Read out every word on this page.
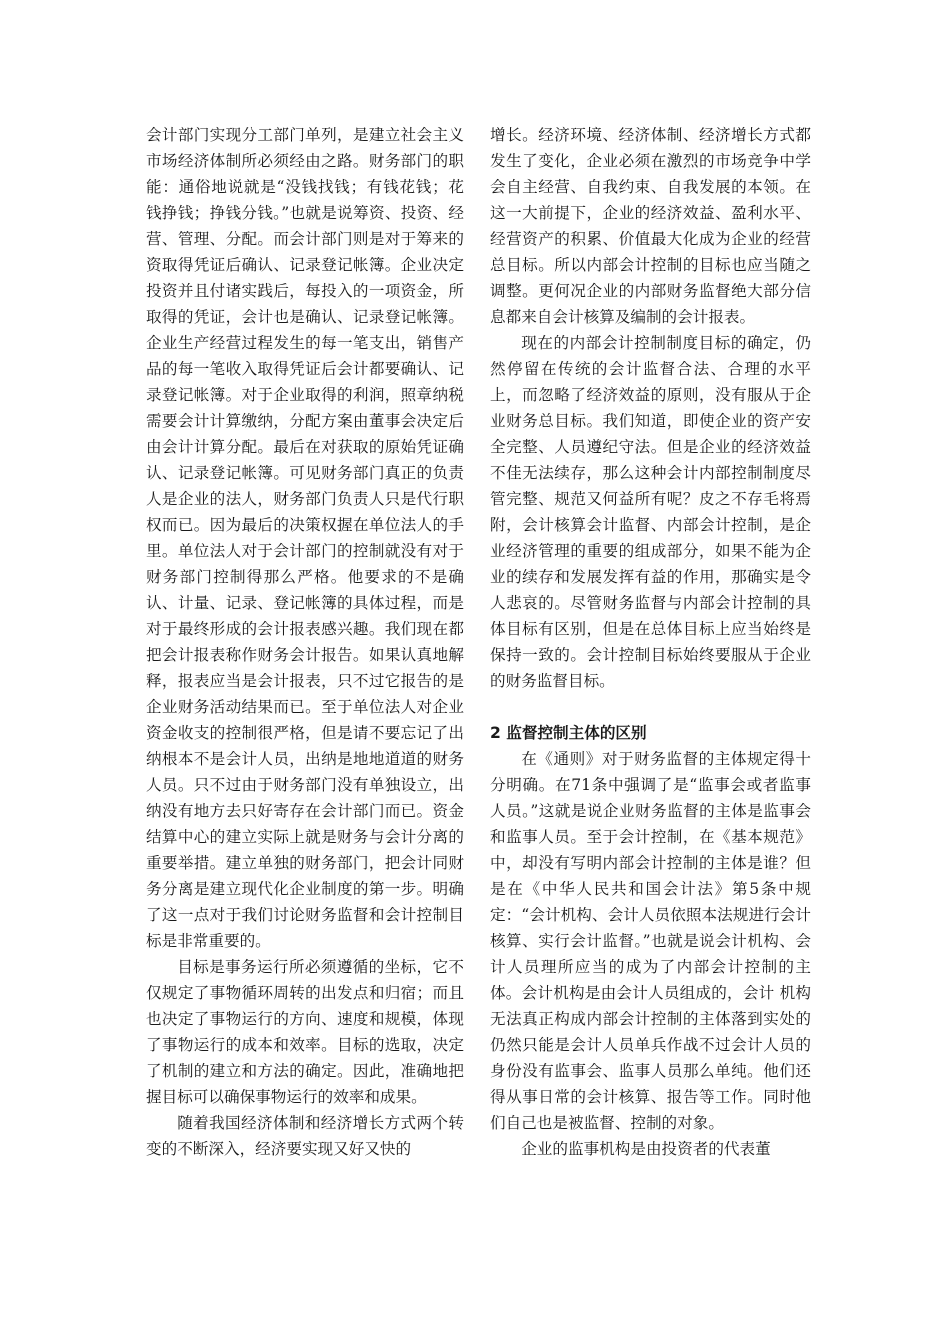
会计部门实现分工部门单列，是建立社会主义市场经济体制所必须经由之路。财务部门的职能：通俗地说就是“没钱找钱；有钱花钱；花钱挣钱；挣钱分钱。”也就是说筹资、投资、经营、管理、分配。而会计部门则是对于筹来的资取得凭证后确认、记录登记帐簿。企业决定投资并且付诸实践后，每投入的一项资金，所取得的凭证，会计也是确认、记录登记帐簿。企业生产经营过程发生的每一笔支出，销售产品的每一笔收入取得凭证后会计都要确认、记录登记帐簿。对于企业取得的利润，照章纳税需要会计计算缴纳，分配方案由董事会决定后由会计计算分配。最后在对获取的原始凭证确认、记录登记帐簿。可见财务部门真正的负责人是企业的法人，财务部门负责人只是代行职权而已。因为最后的决策权握在单位法人的手里。单位法人对于会计部门的控制就没有对于财务部门控制得那么严格。他要求的不是确认、计量、记录、登记帐簿的具体过程，而是对于最终形成的会计报表感兴趣。我们现在都把会计报表称作财务会计报告。如果认真地解释，报表应当是会计报表，只不过它报告的是企业财务活动结果而已。至于单位法人对企业资金收支的控制很严格，但是请不要忘记了出纳根本不是会计人员，出纳是地地道道的财务人员。只不过由于财务部门没有单独设立，出纳没有地方去只好寄存在会计部门而已。资金结算中心的建立实际上就是财务与会计分离的重要举措。建立单独的财务部门，把会计同财务分离是建立现代化企业制度的第一步。明确了这一点对于我们讨论财务监督和会计控制目标是非常重要的。

目标是事务运行所必须遵循的坐标，它不仅规定了事物循环周转的出发点和归宿；而且也决定了事物运行的方向、速度和规模，体现了事物运行的成本和效率。目标的选取，决定了机制的建立和方法的确定。因此，准确地把握目标可以确保事物运行的效率和成果。

随着我国经济体制和经济增长方式两个转变的不断深入，经济要实现又好又快的

增长。经济环境、经济体制、经济增长方式都发生了变化，企业必须在激烈的市场竞争中学会自主经营、自我约束、自我发展的本领。在这一大前提下，企业的经济效益、盈利水平、经营资产的积累、价值最大化成为企业的经营总目标。所以内部会计控制的目标也应当随之调整。更何况企业的内部财务监督绝大部分信息都来自会计核算及编制的会计报表。

现在的内部会计控制制度目标的确定，仍然停留在传统的会计监督合法、合理的水平上，而忽略了经济效益的原则，没有服从于企业财务总目标。我们知道，即使企业的资产安全完整、人员遵纪守法。但是企业的经济效益不佳无法续存，那么这种会计内部控制制度尽管完整、规范又何益所有呢？皮之不存毛将焉附，会计核算会计监督、内部会计控制，是企业经济管理的重要的组成部分，如果不能为企业的续存和发展发挥有益的作用，那确实是令人悲哀的。尽管财务监督与内部会计控制的具体目标有区别，但是在总体目标上应当始终是保持一致的。会计控制目标始终要服从于企业的财务监督目标。

2 监督控制主体的区别

在《通则》对于财务监督的主体规定得十分明确。在71条中强调了是“监事会或者监事人员。”这就是说企业财务监督的主体是监事会和监事人员。至于会计控制，在《基本规范》中，却没有写明内部会计控制的主体是谁？但是在《中华人民共和国会计法》第5条中规定：“会计机构、会计人员依照本法规进行会计核算、实行会计监督。”也就是说会计机构、会计人员理所应当的成为了内部会计控制的主体。会计机构是由会计人员组成的，会计 机构无法真正构成内部会计控制的主体落到实处的仍然只能是会计人员单兵作战不过会计人员的身份没有监事会、监事人员那么单纯。他们还得从事日常的会计核算、报告等工作。同时他们自己也是被监督、控制的对象。

企业的监事机构是由投资者的代表董
